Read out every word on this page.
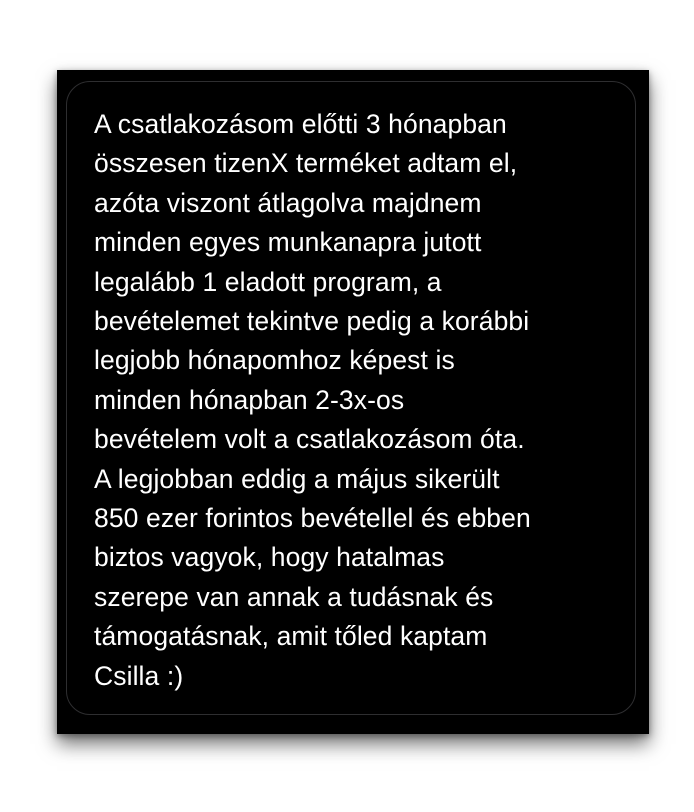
A csatlakozásom előtti 3 hónapban
összesen tizenX terméket adtam el,
azóta viszont átlagolva majdnem
minden egyes munkanapra jutott
legalább 1 eladott program, a
bevételemet tekintve pedig a korábbi
legjobb hónapomhoz képest is
minden hónapban 2-3x-os
bevételem volt a csatlakozásom óta.
A legjobban eddig a május sikerült
850 ezer forintos bevétellel és ebben
biztos vagyok, hogy hatalmas
szerepe van annak a tudásnak és
támogatásnak, amit tőled kaptam
Csilla :)
